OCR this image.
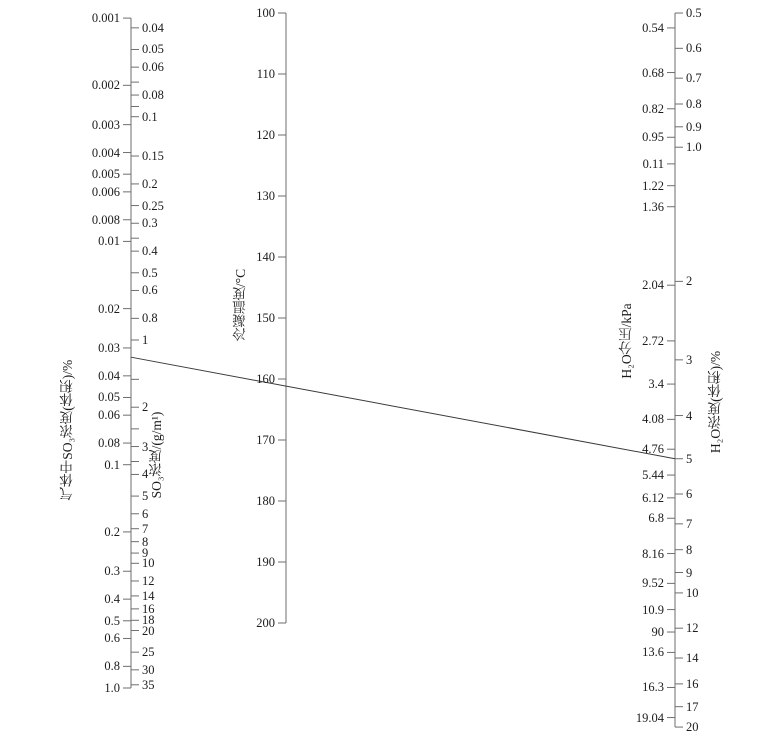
气体中SO₃浓度(体积)/%	SO₃浓度/(g/m¹)
冷凝温度/°C	H₂O分压/kPa
H₂O浓度(体积)/%
0.001
0.002
0.003
0.004
0.005
0.006
0.008
0.01
0.02
0.03
0.04
0.05
0.06
0.08
0.1
0.2
0.3
0.4
0.5
0.6
0.8
1.0
0.04
0.05
0.06
0.08
0.1
0.15
0.2
0.25
0.3
0.4
0.5
0.6
0.8
1
2
3
4
5
6
7
8
9
10
12
14
16
18
20
25
30
35
100
110
120
130
140
150
160
170
180
190
200
0.54
0.68
0.82
0.95
0.11
1.22
1.36
2.04
2.72
3.4
4.08
4.76
5.44
6.12
6.8
8.16
9.52
10.9
90
13.6
16.3
19.04
0.5
0.6
0.7
0.8
0.9
1.0
2
3
4
5
6
7
8
9
10
12
14
16
17
20
